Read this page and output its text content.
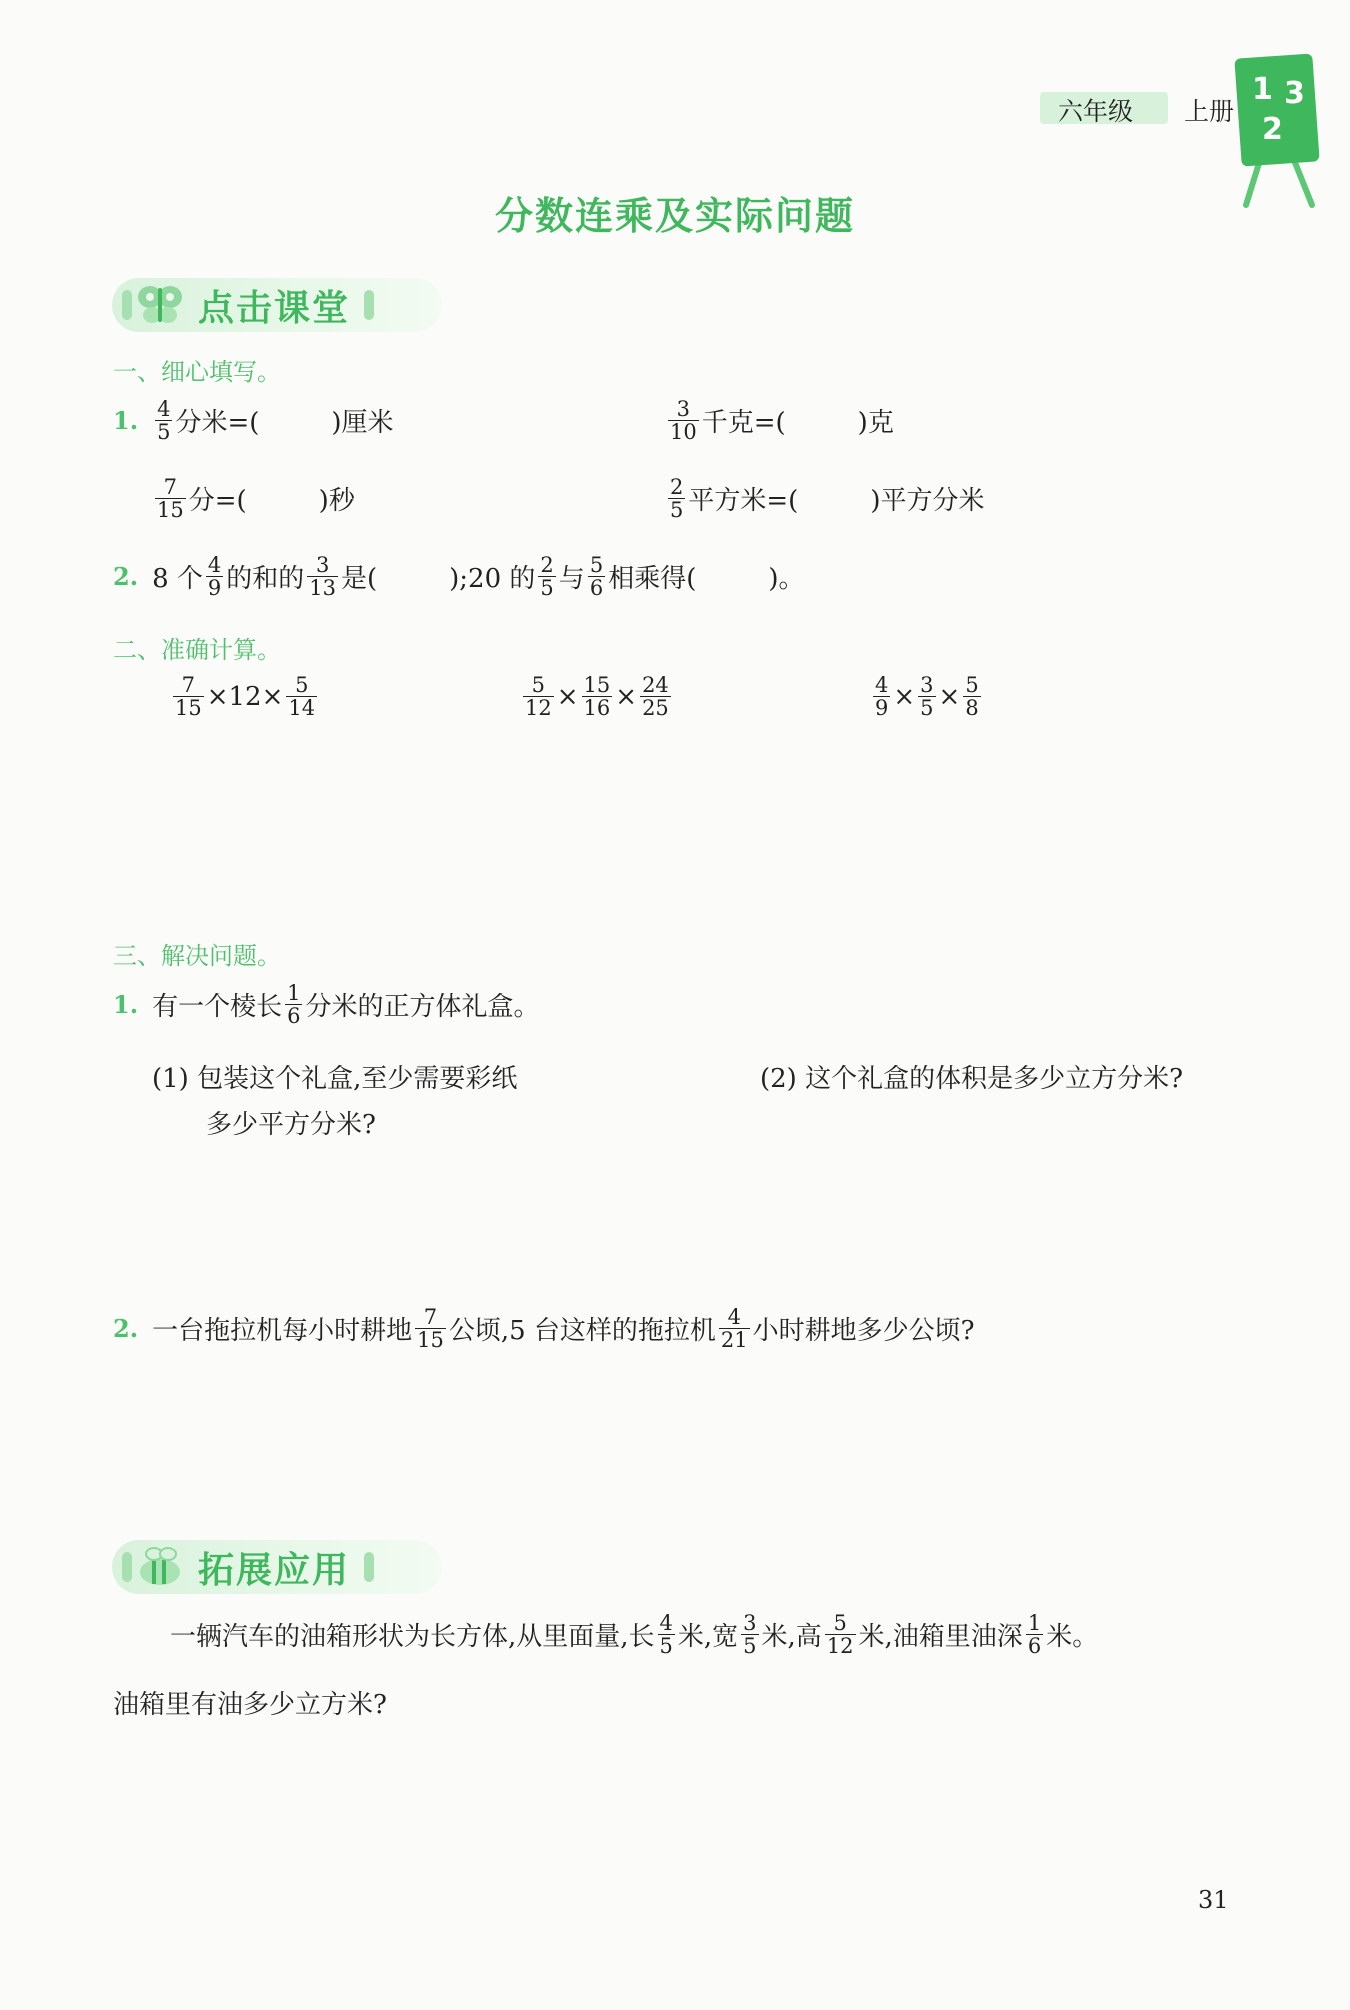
六年级 上册
1 3
2
分数连乘及实际问题
点击课堂
一、细心填写。
1. $\frac{4}{5}$ 分米=(	)厘米	$\frac{3}{10}$ 千克=(	)克
$\frac{7}{15}$ 分=(	)秒	$\frac{2}{5}$ 平方米=(	)平方分米
2. 8 个 $\frac{4}{9}$ 的和的 $\frac{3}{13}$ 是(	);20 的 $\frac{2}{5}$ 与 $\frac{5}{6}$ 相乘得(	)。
二、准确计算。
$\frac{7}{15} \times 12\times \frac{5}{14}$	$\frac{5}{12} \times \frac{15}{16} \times \frac{24}{25}$	$\frac{4}{9} \times \frac{3}{5} \times \frac{5}{8}$
三、解决问题。
1. 有一个棱长 $\frac{1}{6}$ 分米的正方体礼盒。
(1) 包装这个礼盒,至少需要彩纸
多少平方分米?
(2) 这个礼盒的体积是多少立方分米?
2. 一台拖拉机每小时耕地 $\frac{7}{15}$ 公顷,5 台这样的拖拉机 $\frac{4}{21}$ 小时耕地多少公顷?
拓展应用
一辆汽车的油箱形状为长方体,从里面量,长 $\frac{4}{5}$ 米,宽 $\frac{3}{5}$ 米,高 $\frac{5}{12}$ 米,油箱里油深 $\frac{1}{6}$ 米。
油箱里有油多少立方米?
31
